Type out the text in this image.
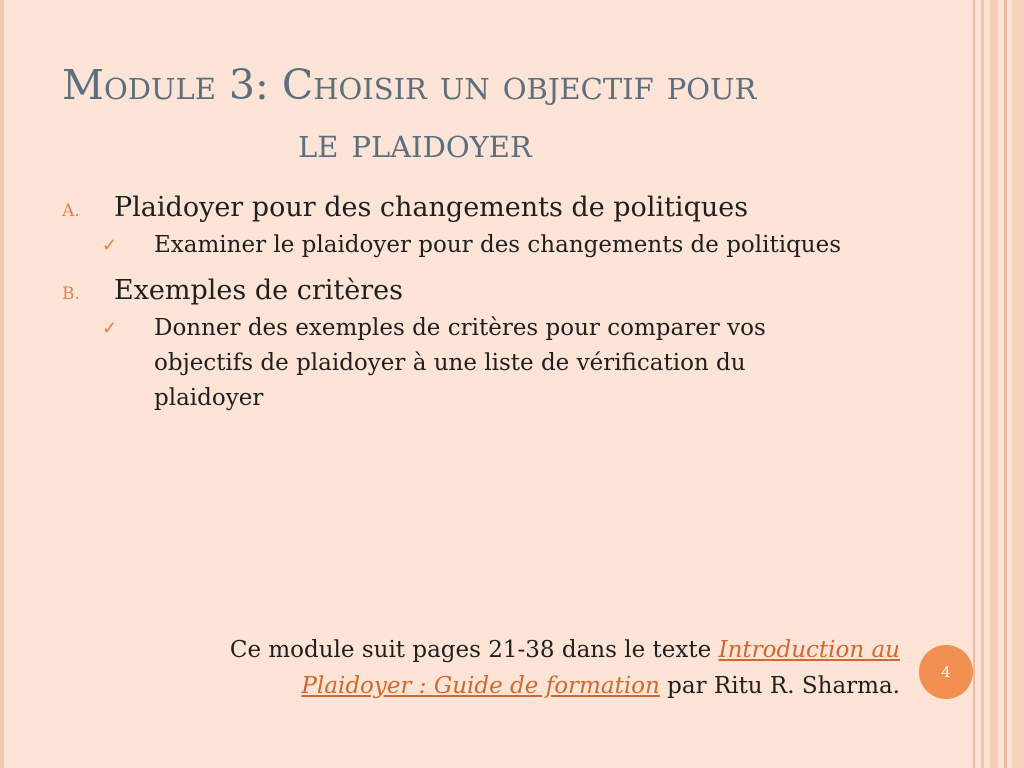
Module 3: Choisir un objectif pour
le plaidoyer
A. Plaidoyer pour des changements de politiques
✓ Examiner le plaidoyer pour des changements de politiques
B. Exemples de critères
✓ Donner des exemples de critères pour comparer vos objectifs de plaidoyer à une liste de vérification du plaidoyer
Ce module suit pages 21-38 dans le texte Introduction au Plaidoyer : Guide de formation par Ritu R. Sharma.
4
